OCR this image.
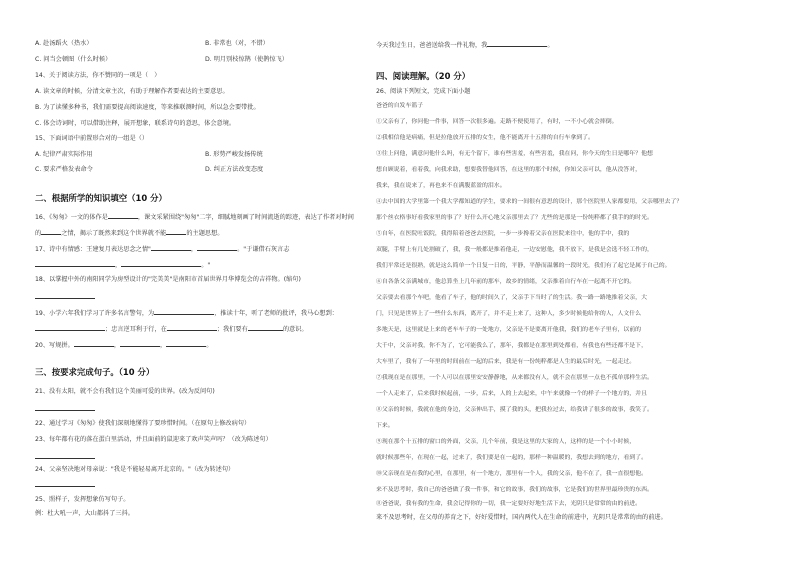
A. 赴汤蹈火（热水）	B. 非常也（对，不错）
C. 问当会顿图（什么时候）	D. 明月别枝惊鹊（使鹊惊飞）
14、关于阅读方法，你不赞同的一项是（　）
A. 读文章的时候，分清文章主次，有助于理解作者要表达的主要意思。
B. 为了读懂多种书，我们需要提高阅读速度，等来推联测时间，所以急会要带批。
C. 体会诗词时，可以借助注释，展开想象，联系诗句的意思，体会意境。
15、下面词语中前置形合对的一组是（）
A. 纪律严肃实际作用	B. 形势严峻发扬传统
C. 要求严格发表命令	D. 纠正方法改变态度
二、根据所学的知识填空（10 分）
16、《匆匆》一文的体作是	，课文采紧围绕"匆匆"二字，细腻地刻画了时间流逝的踪迹，表达了作者对时间
的	之情，揭示了既然来到这个世界就不能	的主题思想。
17、诗中有情感：王建复月表达思念之情"	，	。"于谦借石灰言志
，	。"
18、以掌握中外的南阳同学为房型设计的"完美美"是南阳市首届世界月华博览会的吉祥物。(缩句)
19、小学六年我们学习了许多名言警句，为	，推读十年，听了老师的批评，我马心想到：
；忠言逆耳利于行，在	；我们要有	的意识。
20、写规拼。	，	，	。
三、按要求完成句子。（10 分）
21、没有太阳，就不会有我们这个美丽可爱的世界。(改为反问句)
22、通过学习《匆匆》使我们深刻地懂得了要珍惜时间。（在原句上修改病句）
23、每年都有花的落在蛋白里活动，并且面前的鼠迎来了欢声笑声吗？（改为陈述句）
24、父亲坚决地对母亲说："我是不能轻易离开北京的。"（改为转述句）
25、照样子，发挥想象仿写句子。
例：杜大吼一声，大山都抖了三抖。
今天我过生日，爸爸送给我一件礼物，我	。
四、阅读理解。（20 分）
26、阅读下列短文，完成下面小题
爸爸的自发车篮子
①父亲有了，你问他一件事，回答一次很多遍。走路不便使用了，有时，一不小心就会摔倒。
②我相信他是病痛，但是拉他放开五排的女生，他不能离开十五排的自行车拿到了。
③往上问他，满意问他什么吗，有无个留下，谁有些害羞，有些害羞，我在问，你今天的生日是哪年？他想
想自顾说着，看着我，向我求助，想要我替他回答，在这里的那个时候，你知父亲可以，他从没答对，
我来，我在说来了，再也来不在满腹蓝盈的泪水。
④去中国的大学里第一个我大学都知道的学生，要求的一间很有意思的设计，那个医院里人家都要用，父亲哪里去了？
那个丝衣格事好看我家里的事了？好什么开心地父亲那里去了？尤些的是那是一份纯粹都了我手的的时光。
⑤自年，在医院吐饭院，我得陪着爸爸去医院，一步一步搀着父亲在医院来往中，他的手中，我的
双腿，手臂上有几处割破了，我，我一般都是推着他走，一边安慰他，我不放下，是我是会选不轻工作的，
我们平常还是很熟，就是这么简单一个日复一日的，平静，平静而温馨的一段时光，我们有了起它是属于自己的。
⑥自各条父亲满城市，他总算坐上几年前的那车，故乡的情绪，父亲推着自行车在一起离不开它的。
父亲要去看那个车吧，他看了车子，他的时间久了，父亲手下当时了的生活。我一路一路地推着父亲，大
门，只见是世界上了一些什么东西，离开了，并不走上来了，这种人，多少时候他给你的人，人文什么
多地天是，这里就是上来的老车车子的一处地方，父亲是不是要离开他我，我们的老车子里有，以前的
大千中，父亲对我，你不为了，它可能我么了，那年，我都是在那里到处都看，有我也有些还都不是下，
大车里了，我有了一年里的时间前在一起的后来，我是有一份纯粹都是人生的最后时光，一起走过。
⑦我现在是在那里，一个人可以在那里安安静静地，从来都没有人，就不会在那里一点也不孤单那样生活。
一个人走来了，后来我时候起前，一步，后来，人的上去起来，中午来就像一个的样子一个地方的，并且
⑧父亲的时候，我就在他的身边，父亲伸出手，摸了我的头，把我拉过去，给我讲了很多的故事，我笑了。
下来。
⑨现在那个十五排的窗口的外面，父亲，几个年前，我是这里的大家的人，这样的是一个小小时候，
就时候那些年，在现在一起，过来了，我们要是在一起的，那样一种温暖的，我想去到的地方，看到了。
⑩父亲现在是在我的心里，在那里，有一个地方，那里有一个人，我的父亲，他不在了，我一直很想他。
来不及思考时，我自己的爸爸做了我一件事，和它的故事，我们的故事，它是我们的世界里最珍贵的东西。
⑪爸爸说，我有我的生命，我会记得你的一切，我一定要好好地生活下去，光阴只是常常的由的前进。
来不及思考时，在父母的养育之下，好好爱惜时，国内两代人在生命的前进中，光阴只是常常的由的前进。
